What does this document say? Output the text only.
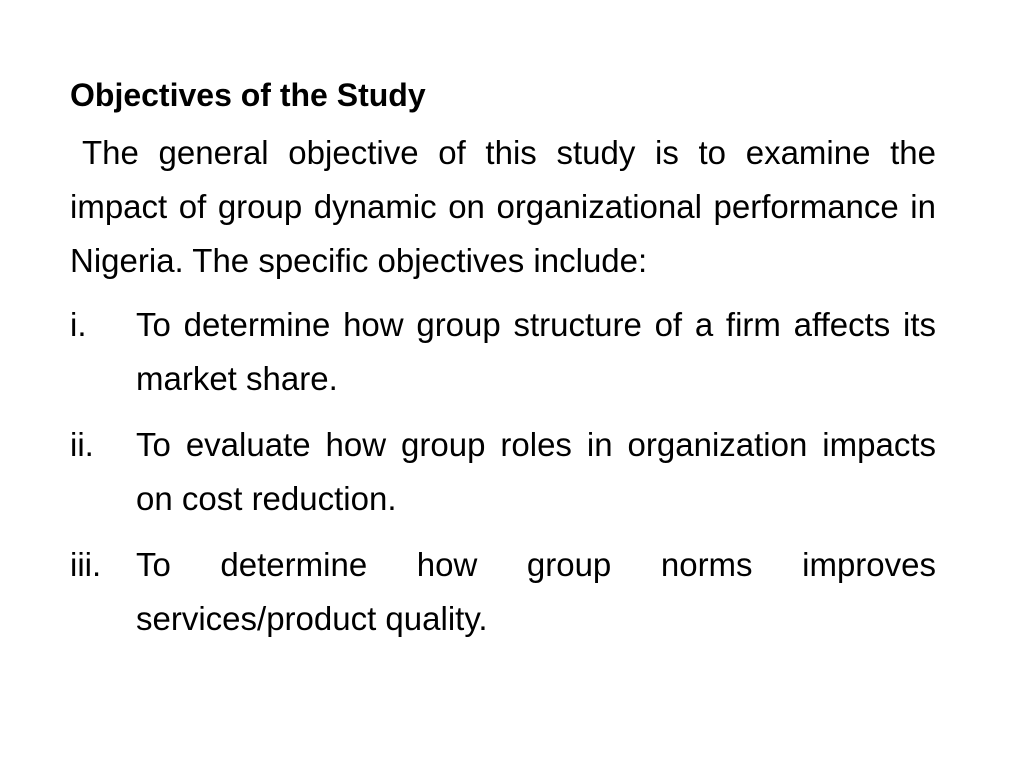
Objectives of the Study

The general objective of this study is to examine the impact of group dynamic on organizational performance in Nigeria. The specific objectives include:

i. To determine how group structure of a firm affects its market share.
ii. To evaluate how group roles in organization impacts on cost reduction.
iii. To determine how group norms improves services/product quality.
